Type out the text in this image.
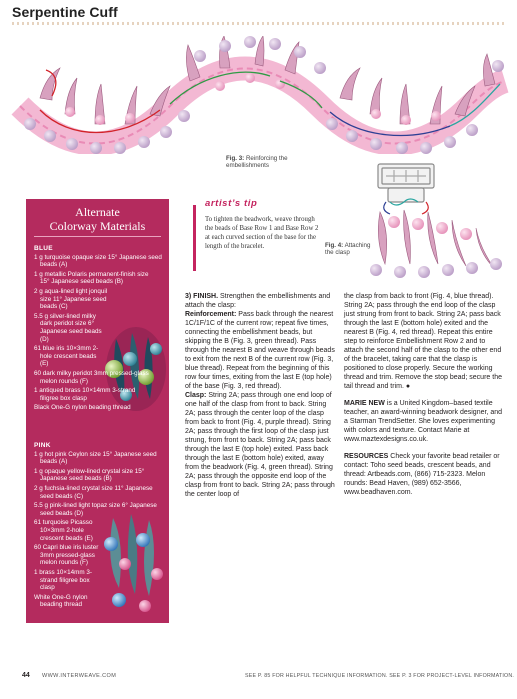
Serpentine Cuff
Fig. 3: Reinforcing the embellishments
Fig. 4: Attaching the clasp
artist’s tip
To tighten the beadwork, weave through the beads of Base Row 1 and Base Row 2 at each curved section of the base for the length of the bracelet.
Alternate
Colorway Materials
BLUE
1 g turquoise opaque size 15° Japanese seed beads (A)
1 g metallic Polaris permanent-finish size 15° Japanese seed beads (B)
2 g aqua-lined light jonquil size 11° Japanese seed beads (C)
5.5 g silver-lined milky dark peridot size 6° Japanese seed beads (D)
61 blue iris 10×3mm 2-hole crescent beads (E)
60 dark milky peridot 3mm pressed-glass melon rounds (F)
1 antiqued brass 10×14mm 3-strand filigree box clasp
Black One-G nylon beading thread
PINK
1 g hot pink Ceylon size 15° Japanese seed beads (A)
1 g opaque yellow-lined crystal size 15° Japanese seed beads (B)
2 g fuchsia-lined crystal size 11° Japanese seed beads (C)
5.5 g pink-lined light topaz size 6° Japanese seed beads (D)
61 turquoise Picasso 10×3mm 2-hole crescent beads (E)
60 Capri blue iris luster 3mm pressed-glass melon rounds (F)
1 brass 10×14mm 3-strand filigree box clasp
White One-G nylon beading thread

3) FINISH. Strengthen the embellishments and attach the clasp:

Reinforcement: Pass back through the nearest 1C/1F/1C of the current row; repeat five times, connecting the embellishment beads, but skipping the B (Fig. 3, green thread). Pass through the nearest B and weave through beads to exit from the next B of the current row (Fig. 3, blue thread). Repeat from the beginning of this row four times, exiting from the last E (top hole) of the base (Fig. 3, red thread).

Clasp: String 2A; pass through one end loop of one half of the clasp from front to back. String 2A; pass through the center loop of the clasp from back to front (Fig. 4, purple thread). String 2A; pass through the first loop of the clasp just strung, from front to back. String 2A; pass back through the last E (top hole) exited. Pass back through the last E (bottom hole) exited, away from the beadwork (Fig. 4, green thread). String 2A; pass through the opposite end loop of the clasp from front to back. String 2A; pass through the center loop of

the clasp from back to front (Fig. 4, blue thread). String 2A; pass through the end loop of the clasp just strung from front to back. String 2A; pass back through the last E (bottom hole) exited and the nearest B (Fig. 4, red thread). Repeat this entire step to reinforce Embellishment Row 2 and to attach the second half of the clasp to the other end of the bracelet, taking care that the clasp is positioned to close properly. Secure the working thread and trim. Remove the stop bead; secure the tail thread and trim. ●

MARIE NEW is a United Kingdom–based textile teacher, an award-winning beadwork designer, and a Starman TrendSetter. She loves experimenting with colors and texture. Contact Marie at www.maztexdesigns.co.uk.

RESOURCES Check your favorite bead retailer or contact: Toho seed beads, crescent beads, and thread: Artbeads.com, (866) 715-2323. Melon rounds: Bead Haven, (989) 652-3566, www.beadhaven.com.

44 WWW.INTERWEAVE.COM	SEE P. 85 FOR HELPFUL TECHNIQUE INFORMATION. SEE P. 3 FOR PROJECT-LEVEL INFORMATION.
